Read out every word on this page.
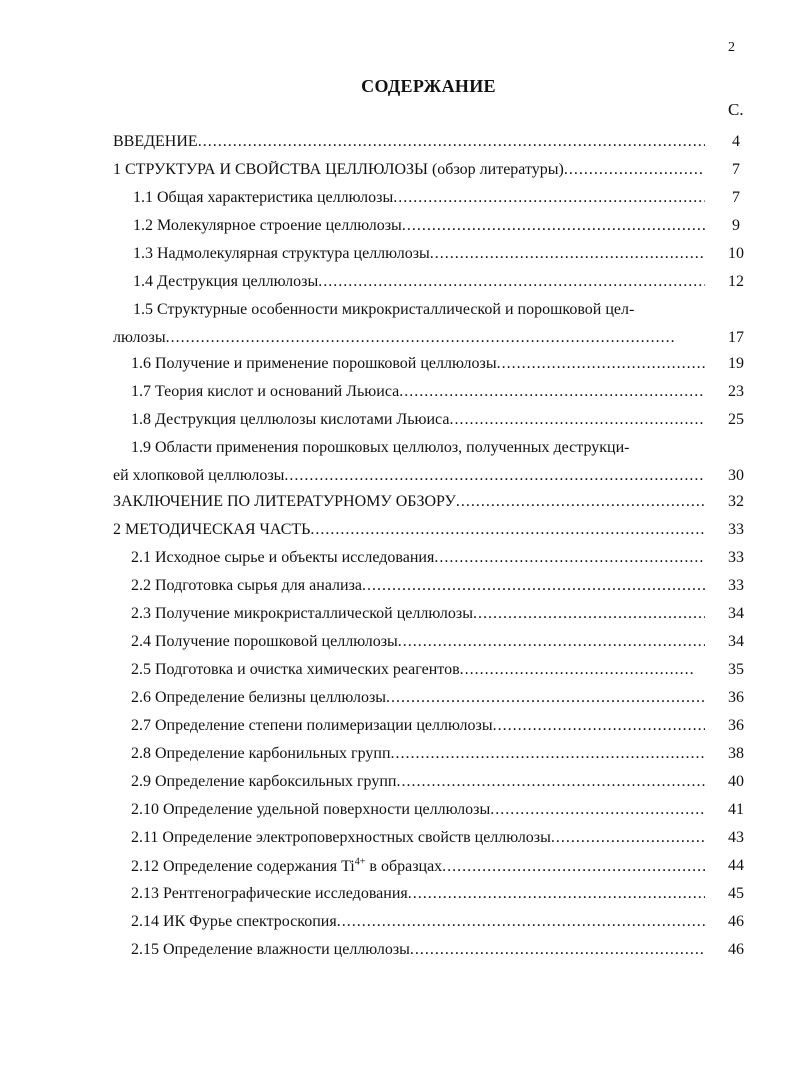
2
СОДЕРЖАНИЕ
С.
ВВЕДЕНИЕ .....	4
1 СТРУКТУРА И СВОЙСТВА ЦЕЛЛЮЛОЗЫ (обзор литературы) .....	7
1.1 Общая характеристика целлюлозы .....	7
1.2 Молекулярное строение целлюлозы .....	9
1.3 Надмолекулярная структура целлюлозы .....	10
1.4 Деструкция целлюлозы .....	12
1.5 Структурные особенности микрокристаллической и порошковой цел-
люлозы .....	17
1.6 Получение и применение порошковой целлюлозы .....	19
1.7 Теория кислот и оснований Льюиса .....	23
1.8 Деструкция целлюлозы кислотами Льюиса .....	25
1.9 Области применения порошковых целлюлоз, полученных деструкци-
ей хлопковой целлюлозы .....	30
ЗАКЛЮЧЕНИЕ ПО ЛИТЕРАТУРНОМУ ОБЗОРУ .....	32
2 МЕТОДИЧЕСКАЯ ЧАСТЬ .....	33
2.1 Исходное сырье и объекты исследования .....	33
2.2 Подготовка сырья для анализа .....	33
2.3 Получение микрокристаллической целлюлозы .....	34
2.4 Получение порошковой целлюлозы .....	34
2.5 Подготовка и очистка химических реагентов .....	35
2.6 Определение белизны целлюлозы .....	36
2.7 Определение степени полимеризации целлюлозы .....	36
2.8 Определение карбонильных групп .....	38
2.9 Определение карбоксильных групп .....	40
2.10 Определение удельной поверхности целлюлозы .....	41
2.11 Определение электроповерхностных свойств целлюлозы .....	43
2.12 Определение содержания $Ti^{4+}$ в образцах .....	44
2.13 Рентгенографические исследования .....	45
2.14 ИК Фурье спектроскопия .....	46
2.15 Определение влажности целлюлозы .....	46
